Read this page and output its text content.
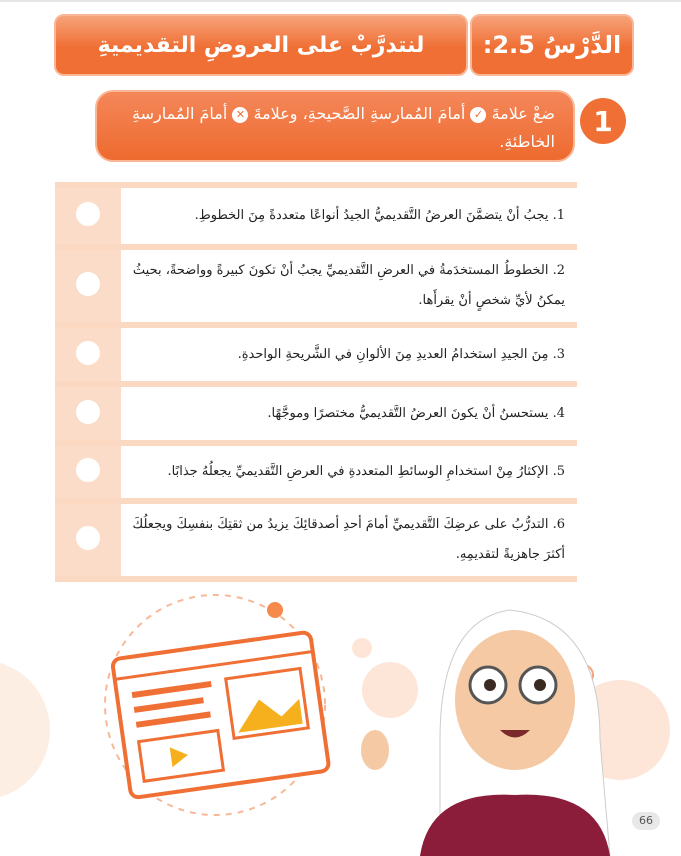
الدَّرْسُ 2.5:
لنتدرَّبْ على العروضِ التقديميةِ
1
ضعْ علامةَ ✓ أمامَ المُمارسةِ الصَّحيحةِ، وعلامةَ ✕ أمامَ المُمارسةِ الخاطئةِ.
	1. يجبُ أنْ يتضمَّنَ العرضُ التَّقديميُّ الجيدُ أنواعًا متعددةً مِنَ الخطوطِ.
	2. الخطوطُ المستخدَمةُ في العرضِ التَّقديميِّ يجبُ أنْ تكونَ كبيرةً وواضحةً، بحيثُ يمكنُ لأيِّ شخصٍ أنْ يقرأَها.
	3. مِنَ الجيدِ استخدامُ العديدِ مِنَ الألوانِ في الشَّريحةِ الواحدةِ.
	4. يستحسنُ أنْ يكونَ العرضُ التَّقديميُّ مختصرًا وموجَّهًا.
	5. الإكثارُ مِنْ استخدامِ الوسائطِ المتعددةِ في العرضِ التَّقديميِّ يجعلُهُ جذابًا.
	6. التدرُّبُ على عرضِكَ التَّقديميِّ أمامَ أحدِ أصدقائِكَ يزيدُ من ثقتِكَ بنفسِكَ ويجعلُكَ أكثرَ جاهزيةً لتقديمِهِ.
66
